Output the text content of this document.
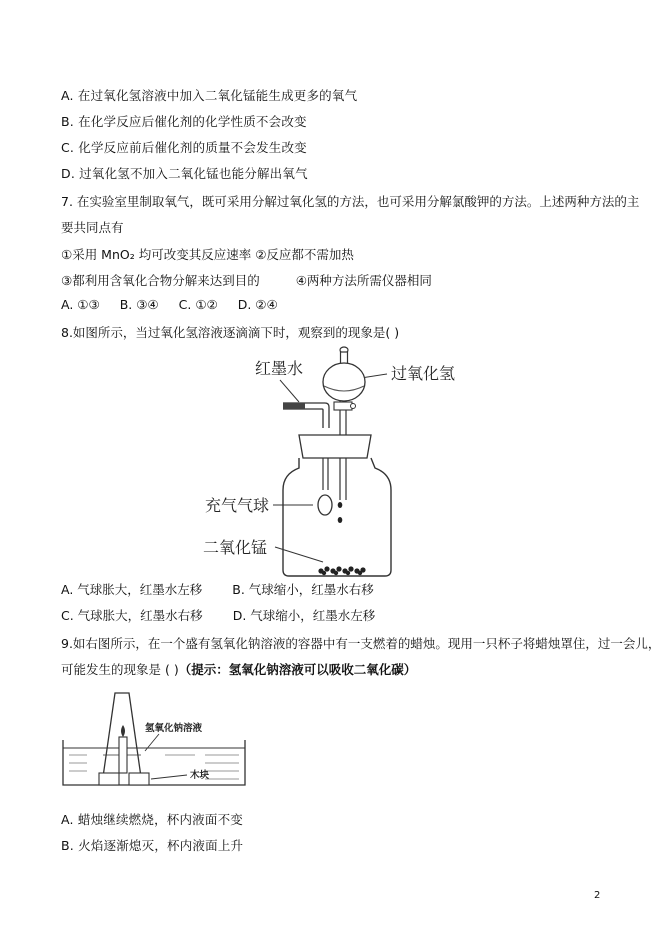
A. 在过氧化氢溶液中加入二氧化锰能生成更多的氧气
B. 在化学反应后催化剂的化学性质不会改变
C. 化学反应前后催化剂的质量不会发生改变
D. 过氧化氢不加入二氧化锰也能分解出氧气
7. 在实验室里制取氧气，既可采用分解过氧化氢的方法，也可采用分解氯酸钾的方法。上述两种方法的主
要共同点有
①采用 MnO₂ 均可改变其反应速率 ②反应都不需加热
③都利用含氧化合物分解来达到目的	④两种方法所需仪器相同
A. ①③ B. ③④ C. ①② D. ②④
8.如图所示，当过氧化氢溶液逐滴滴下时，观察到的现象是( )
红墨水	过氧化氢
充气气球
二氧化锰
A. 气球胀大，红墨水左移 B. 气球缩小，红墨水右移
C. 气球胀大，红墨水右移 D. 气球缩小，红墨水左移
9.如右图所示，在一个盛有氢氧化钠溶液的容器中有一支燃着的蜡烛。现用一只杯子将蜡烛罩住，过一会儿，
可能发生的现象是 ( )（提示：氢氧化钠溶液可以吸收二氧化碳）
氢氧化钠溶液
木块
A. 蜡烛继续燃烧，杯内液面不变
B. 火焰逐渐熄灭，杯内液面上升
2
